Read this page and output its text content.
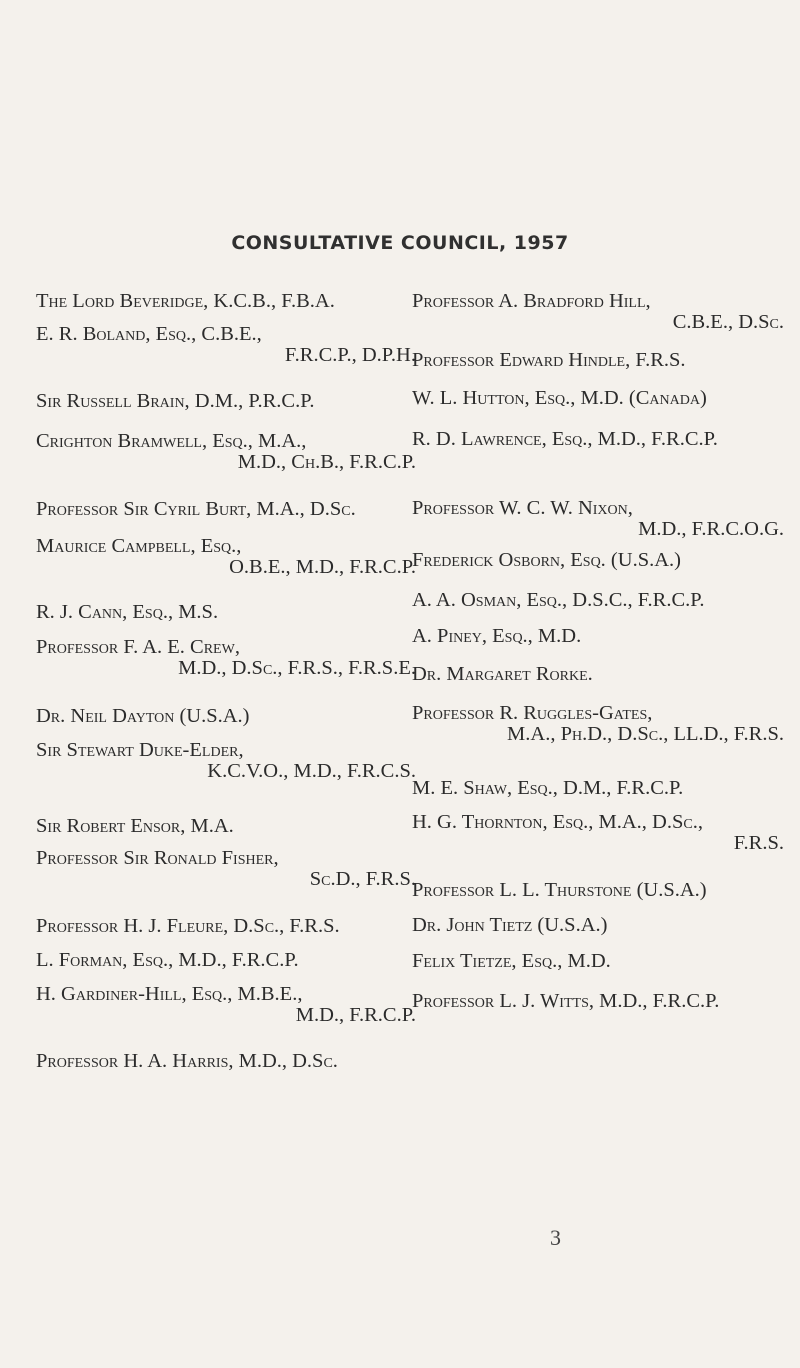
CONSULTATIVE COUNCIL, 1957
The Lord Beveridge, K.C.B., F.B.A.
E. R. Boland, Esq., C.B.E.,
F.R.C.P., D.P.H.
Sir Russell Brain, D.M., P.R.C.P.
Crighton Bramwell, Esq., M.A.,
M.D., Ch.B., F.R.C.P.
Professor Sir Cyril Burt, M.A., D.Sc.
Maurice Campbell, Esq.,
O.B.E., M.D., F.R.C.P.
R. J. Cann, Esq., M.S.
Professor F. A. E. Crew,
M.D., D.Sc., F.R.S., F.R.S.E.
Dr. Neil Dayton (U.S.A.)
Sir Stewart Duke-Elder,
K.C.V.O., M.D., F.R.C.S.
Sir Robert Ensor, M.A.
Professor Sir Ronald Fisher,
Sc.D., F.R.S.
Professor H. J. Fleure, D.Sc., F.R.S.
L. Forman, Esq., M.D., F.R.C.P.
H. Gardiner-Hill, Esq., M.B.E.,
M.D., F.R.C.P.
Professor H. A. Harris, M.D., D.Sc.
Professor A. Bradford Hill,
C.B.E., D.Sc.
Professor Edward Hindle, F.R.S.
W. L. Hutton, Esq., M.D. (Canada)
R. D. Lawrence, Esq., M.D., F.R.C.P.
Professor W. C. W. Nixon,
M.D., F.R.C.O.G.
Frederick Osborn, Esq. (U.S.A.)
A. A. Osman, Esq., D.S.C., F.R.C.P.
A. Piney, Esq., M.D.
Dr. Margaret Rorke.
Professor R. Ruggles-Gates,
M.A., Ph.D., D.Sc., LL.D., F.R.S.
M. E. Shaw, Esq., D.M., F.R.C.P.
H. G. Thornton, Esq., M.A., D.Sc.,
F.R.S.
Professor L. L. Thurstone (U.S.A.)
Dr. John Tietz (U.S.A.)
Felix Tietze, Esq., M.D.
Professor L. J. Witts, M.D., F.R.C.P.
3
